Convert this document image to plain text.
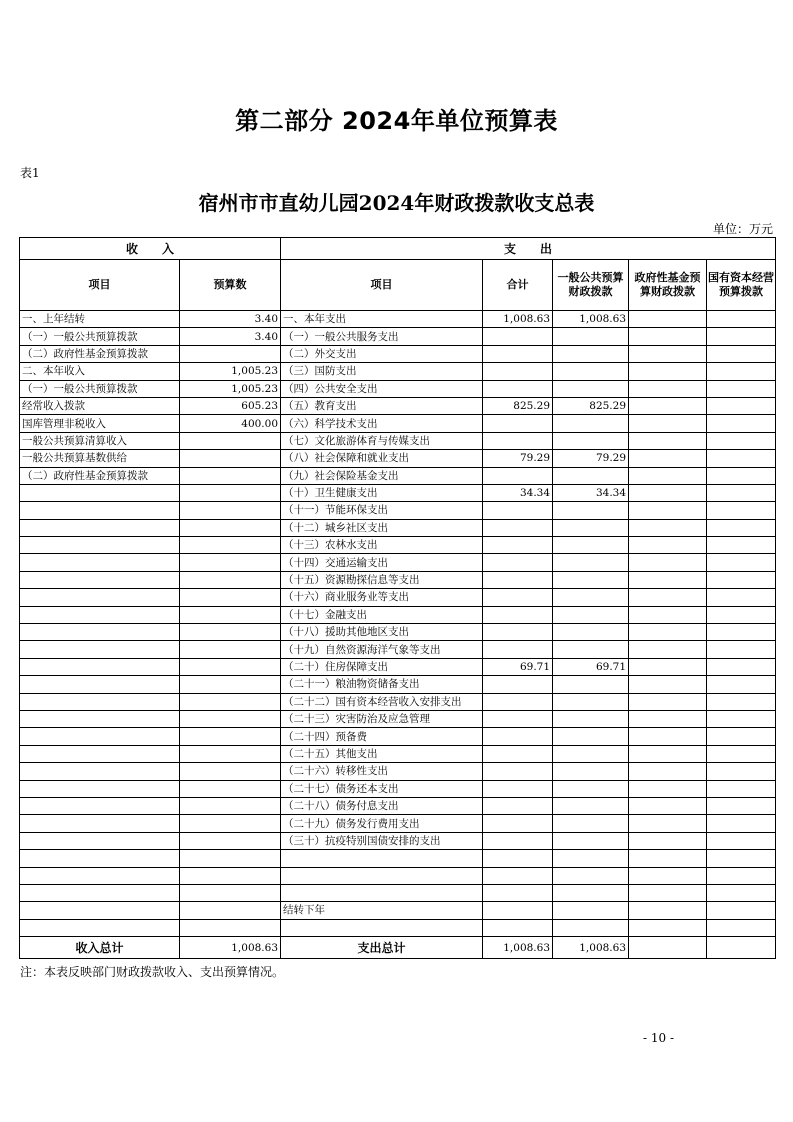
第二部分 2024年单位预算表
表1
宿州市市直幼儿园2024年财政拨款收支总表
单位：万元
收　　入		支　　出				
项目	预算数	项目	合计	一般公共预算财政拨款	政府性基金预算财政拨款	国有资本经营预算拨款
一、上年结转	3.40	一、本年支出	1,008.63	1,008.63		
（一）一般公共预算拨款	3.40	（一）一般公共服务支出				
（二）政府性基金预算拨款		（二）外交支出				
二、本年收入	1,005.23	（三）国防支出				
（一）一般公共预算拨款	1,005.23	（四）公共安全支出				
经常收入拨款	605.23	（五）教育支出	825.29	825.29		
国库管理非税收入	400.00	（六）科学技术支出				
一般公共预算清算收入		（七）文化旅游体育与传媒支出				
一般公共预算基数供给		（八）社会保障和就业支出	79.29	79.29		
（二）政府性基金预算拨款		（九）社会保险基金支出				
		（十）卫生健康支出	34.34	34.34		
		（十一）节能环保支出				
		（十二）城乡社区支出				
		（十三）农林水支出				
		（十四）交通运输支出				
		（十五）资源勘探信息等支出				
		（十六）商业服务业等支出				
		（十七）金融支出				
		（十八）援助其他地区支出				
		（十九）自然资源海洋气象等支出				
		（二十）住房保障支出	69.71	69.71		
		（二十一）粮油物资储备支出				
		（二十二）国有资本经营收入安排支出				
		（二十三）灾害防治及应急管理				
		（二十四）预备费				
		（二十五）其他支出				
		（二十六）转移性支出				
		（二十七）债务还本支出				
		（二十八）债务付息支出				
		（二十九）债务发行费用支出				
		（三十）抗疫特别国债安排的支出				

		结转下年				

收入总计	1,008.63	支出总计	1,008.63	1,008.63		
注：本表反映部门财政拨款收入、支出预算情况。
- 10 -
